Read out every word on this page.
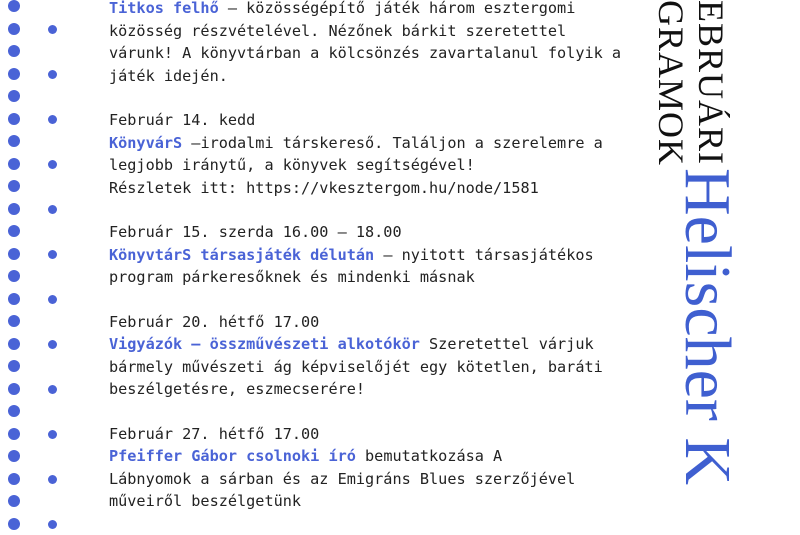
Titkos felhő – közösségépítő játék három esztergomi
közösség részvételével. Nézőnek bárkit szeretettel
várunk! A könyvtárban a kölcsönzés zavartalanul folyik a
játék idején.
Február 14. kedd
KönyvárS –irodalmi társkereső. Találjon a szerelemre a
legjobb iránytű, a könyvek segítségével!
Részletek itt: https://vkesztergom.hu/node/1581
Február 15. szerda 16.00 – 18.00
KönyvtárS társasjáték délután – nyitott társasjátékos
program párkeresőknek és mindenki másnak
Február 20. hétfő 17.00
Vigyázók – összművészeti alkotókör Szeretettel várjuk
bármely művészeti ág képviselőjét egy kötetlen, baráti
beszélgetésre, eszmecserére!
Február 27. hétfő 17.00
Pfeiffer Gábor csolnoki író bemutatkozása A
Lábnyomok a sárban és az Emigráns Blues szerzőjével
műveiről beszélgetünk
EBRUÁRI
GRAMOK
Helischer K
